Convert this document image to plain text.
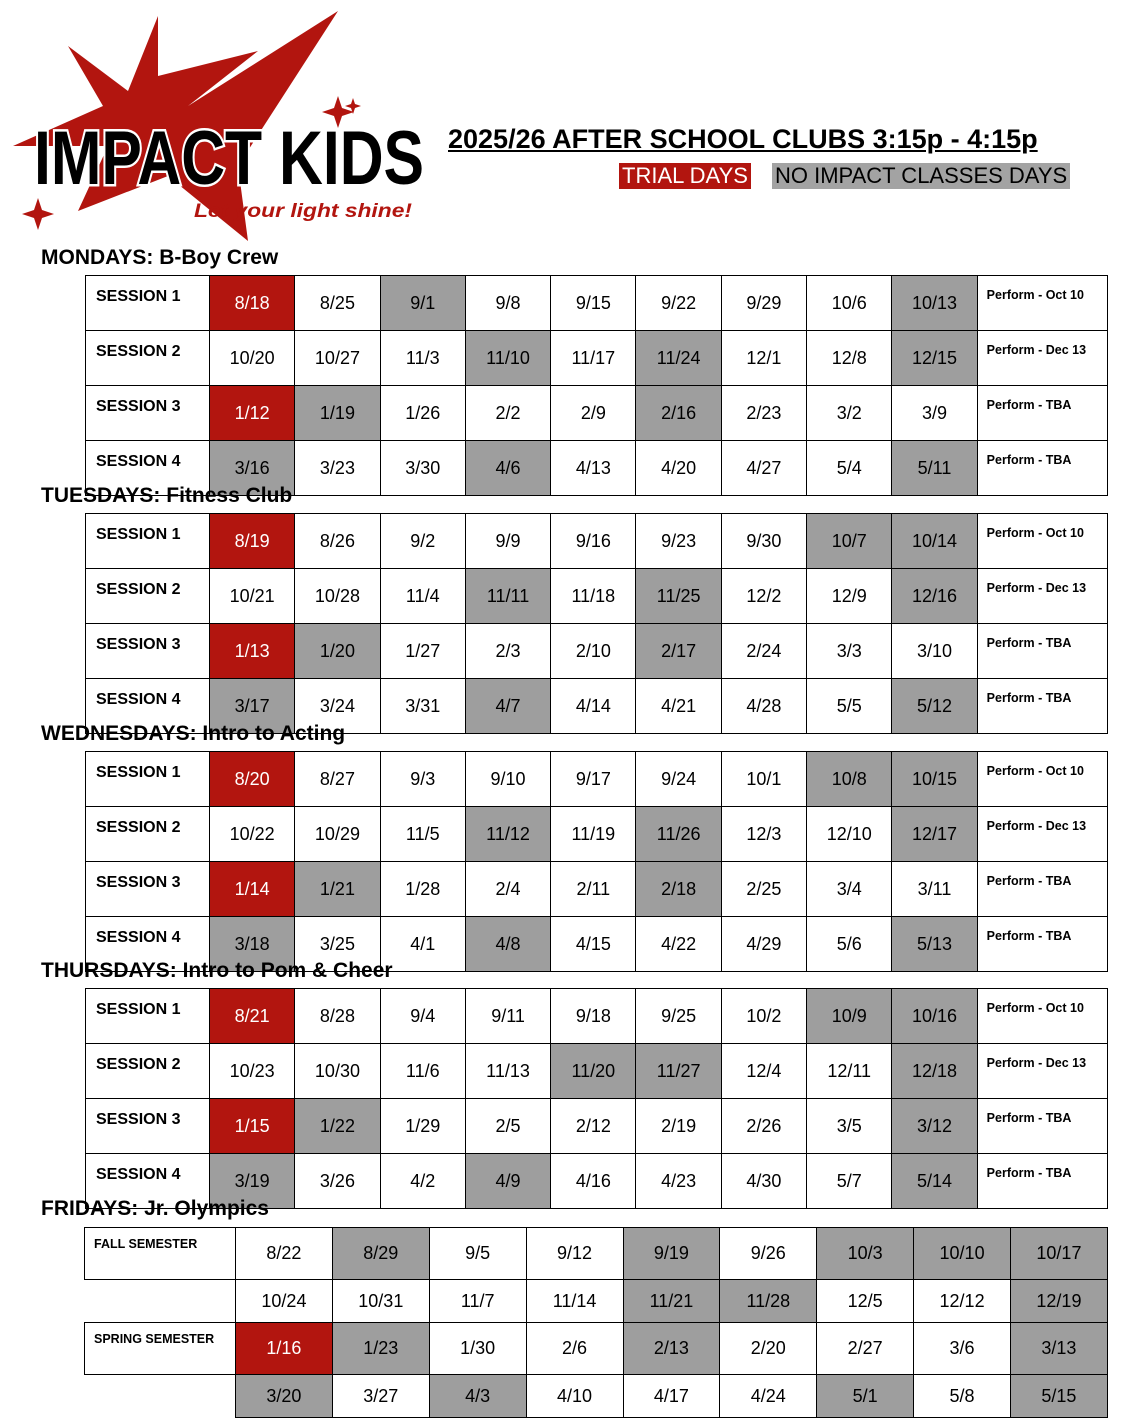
IMPACT KIDS
Let your light shine!
2025/26 AFTER SCHOOL CLUBS 3:15p - 4:15p
TRIAL DAYS NO IMPACT CLASSES DAYS
MONDAYS: B-Boy Crew
SESSION 1	8/18	8/25	9/1	9/8	9/15	9/22	9/29	10/6	10/13	Perform - Oct 10
SESSION 2	10/20	10/27	11/3	11/10	11/17	11/24	12/1	12/8	12/15	Perform - Dec 13
SESSION 3	1/12	1/19	1/26	2/2	2/9	2/16	2/23	3/2	3/9	Perform - TBA
SESSION 4	3/16	3/23	3/30	4/6	4/13	4/20	4/27	5/4	5/11	Perform - TBA
TUESDAYS: Fitness Club
SESSION 1	8/19	8/26	9/2	9/9	9/16	9/23	9/30	10/7	10/14	Perform - Oct 10
SESSION 2	10/21	10/28	11/4	11/11	11/18	11/25	12/2	12/9	12/16	Perform - Dec 13
SESSION 3	1/13	1/20	1/27	2/3	2/10	2/17	2/24	3/3	3/10	Perform - TBA
SESSION 4	3/17	3/24	3/31	4/7	4/14	4/21	4/28	5/5	5/12	Perform - TBA
WEDNESDAYS: Intro to Acting
SESSION 1	8/20	8/27	9/3	9/10	9/17	9/24	10/1	10/8	10/15	Perform - Oct 10
SESSION 2	10/22	10/29	11/5	11/12	11/19	11/26	12/3	12/10	12/17	Perform - Dec 13
SESSION 3	1/14	1/21	1/28	2/4	2/11	2/18	2/25	3/4	3/11	Perform - TBA
SESSION 4	3/18	3/25	4/1	4/8	4/15	4/22	4/29	5/6	5/13	Perform - TBA
THURSDAYS: Intro to Pom & Cheer
SESSION 1	8/21	8/28	9/4	9/11	9/18	9/25	10/2	10/9	10/16	Perform - Oct 10
SESSION 2	10/23	10/30	11/6	11/13	11/20	11/27	12/4	12/11	12/18	Perform - Dec 13
SESSION 3	1/15	1/22	1/29	2/5	2/12	2/19	2/26	3/5	3/12	Perform - TBA
SESSION 4	3/19	3/26	4/2	4/9	4/16	4/23	4/30	5/7	5/14	Perform - TBA
FRIDAYS: Jr. Olympics
FALL SEMESTER	8/22	8/29	9/5	9/12	9/19	9/26	10/3	10/10	10/17
	10/24	10/31	11/7	11/14	11/21	11/28	12/5	12/12	12/19
SPRING SEMESTER	1/16	1/23	1/30	2/6	2/13	2/20	2/27	3/6	3/13
	3/20	3/27	4/3	4/10	4/17	4/24	5/1	5/8	5/15
